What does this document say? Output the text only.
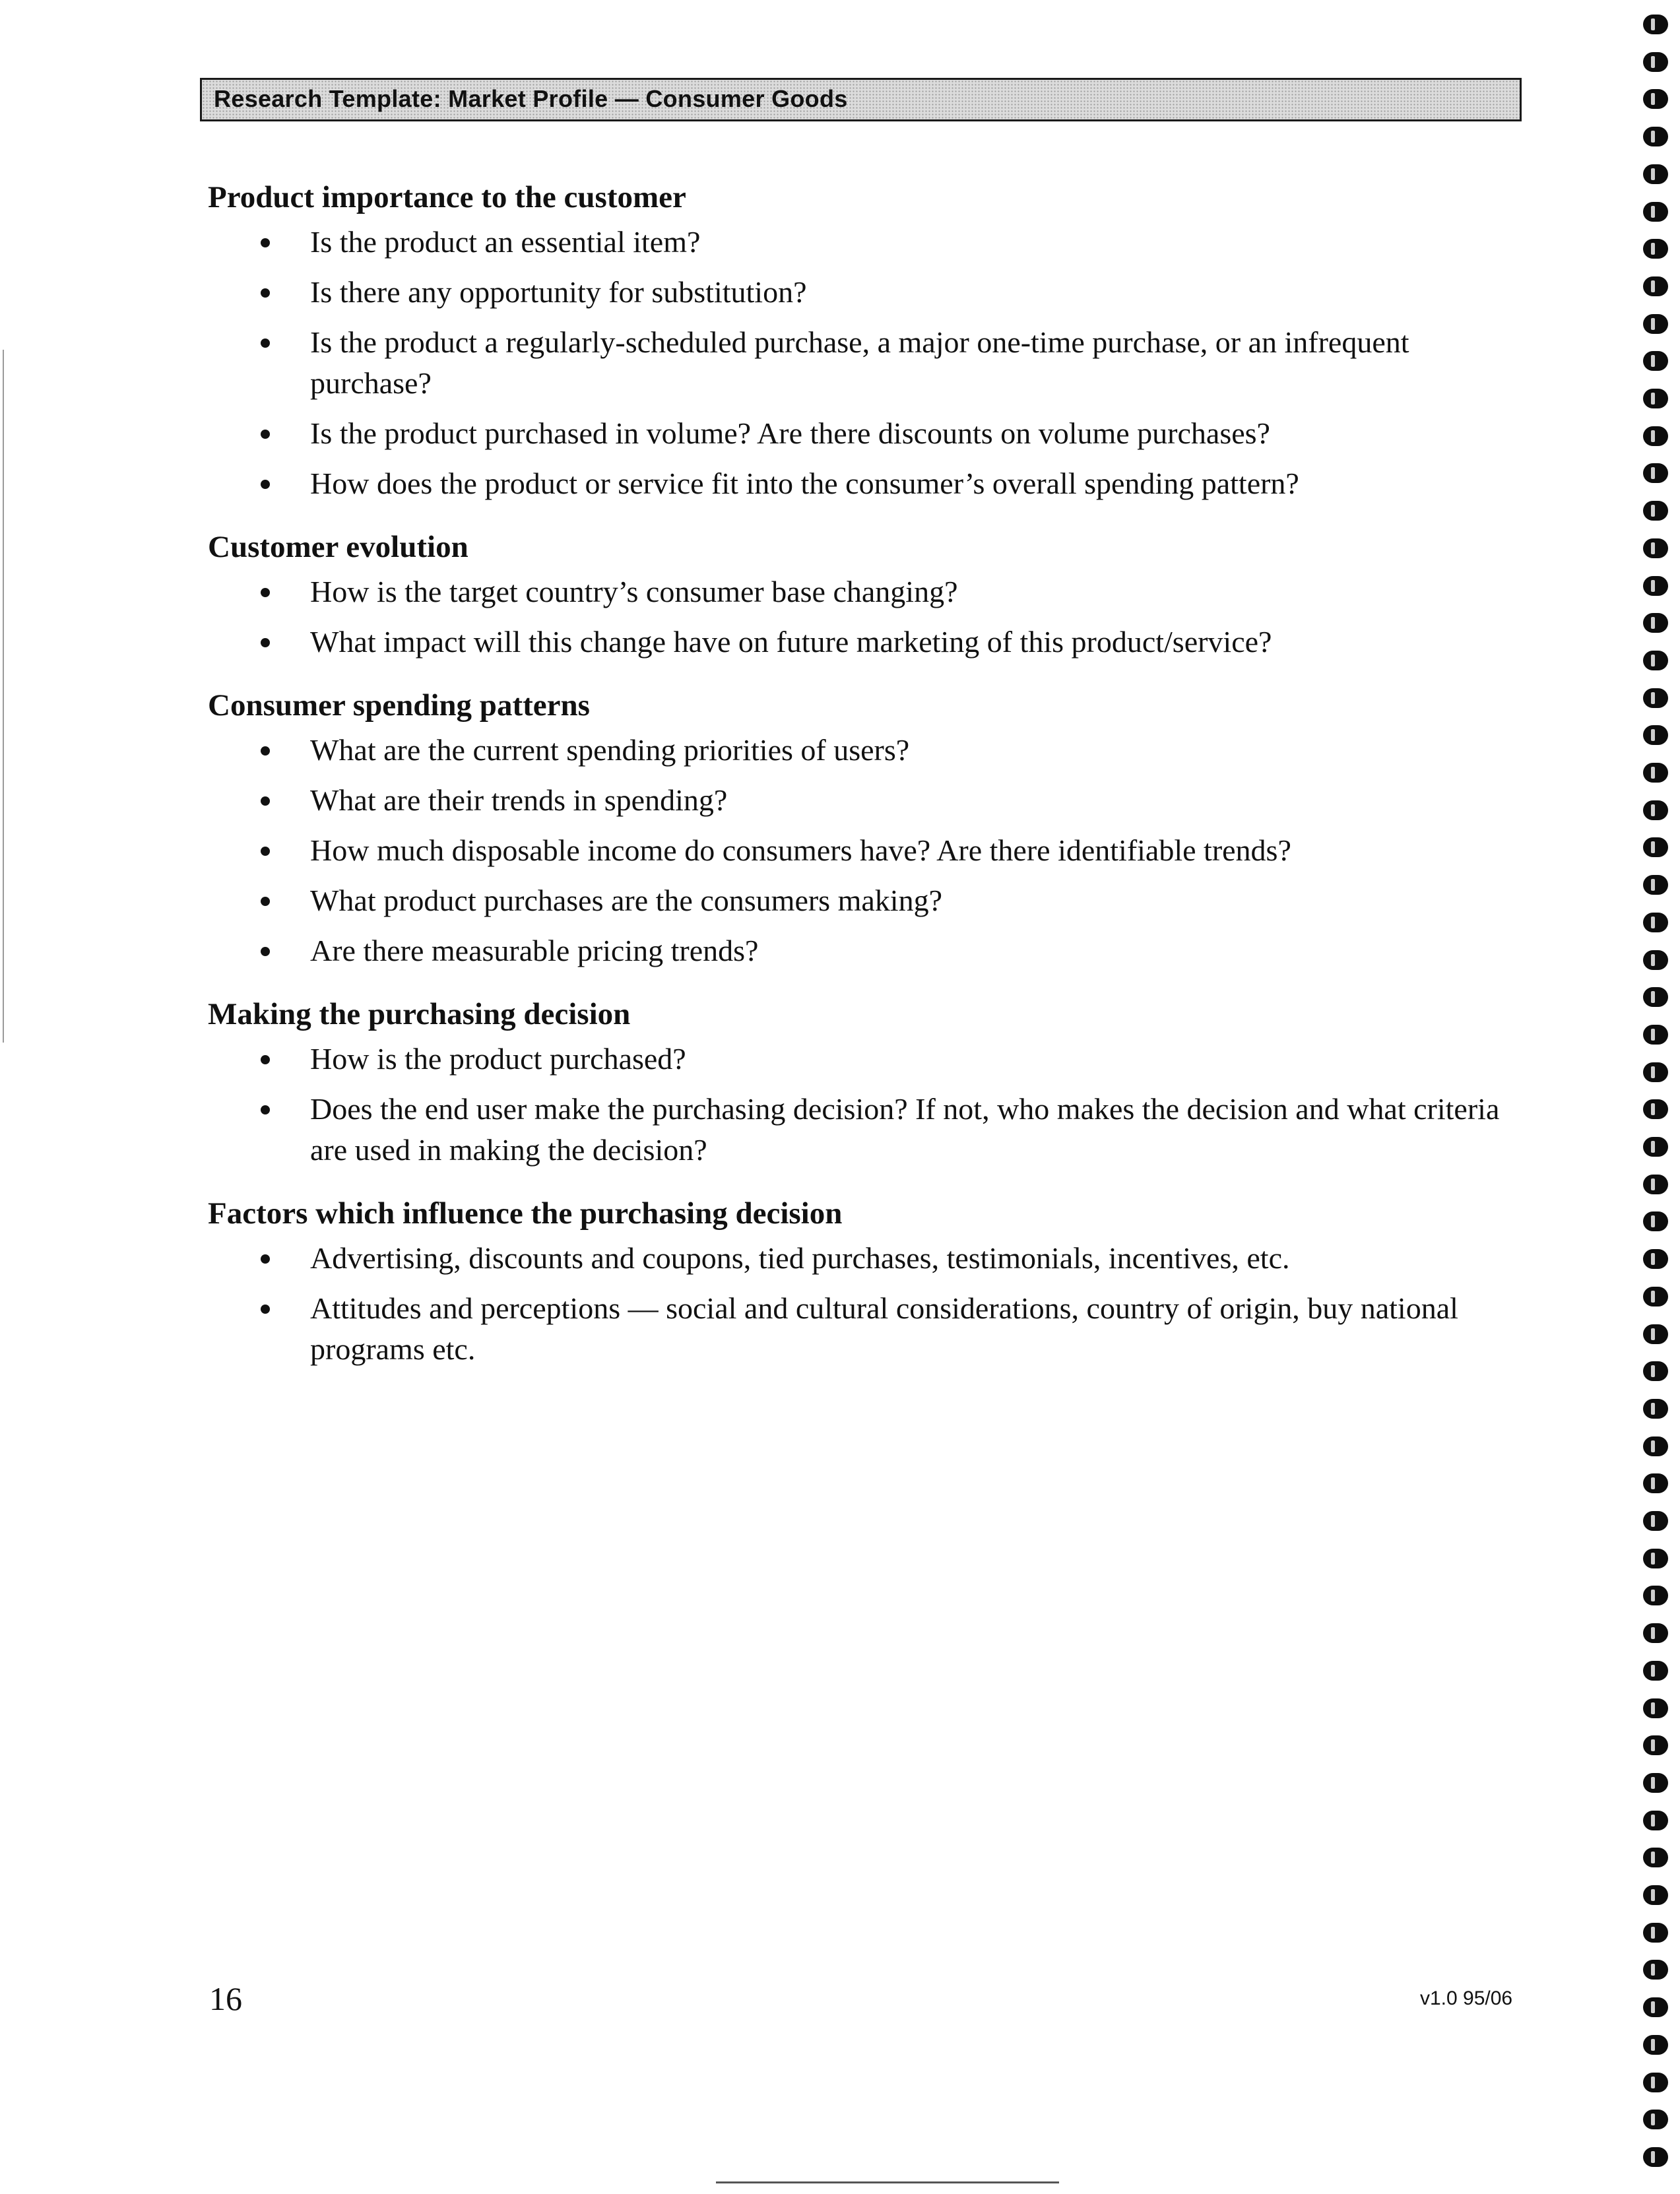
Research Template: Market Profile — Consumer Goods
Product importance to the customer
Is the product an essential item?
Is there any opportunity for substitution?
Is the product a regularly-scheduled purchase, a major one-time purchase, or an infrequent purchase?
Is the product purchased in volume? Are there discounts on volume purchases?
How does the product or service fit into the consumer’s overall spending pattern?
Customer evolution
How is the target country’s consumer base changing?
What impact will this change have on future marketing of this product/service?
Consumer spending patterns
What are the current spending priorities of users?
What are their trends in spending?
How much disposable income do consumers have? Are there identifiable trends?
What product purchases are the consumers making?
Are there measurable pricing trends?
Making the purchasing decision
How is the product purchased?
Does the end user make the purchasing decision? If not, who makes the decision and what criteria are used in making the decision?
Factors which influence the purchasing decision
Advertising, discounts and coupons, tied purchases, testimonials, incentives, etc.
Attitudes and perceptions — social and cultural considerations, country of origin, buy national programs etc.
16	v1.0 95/06
